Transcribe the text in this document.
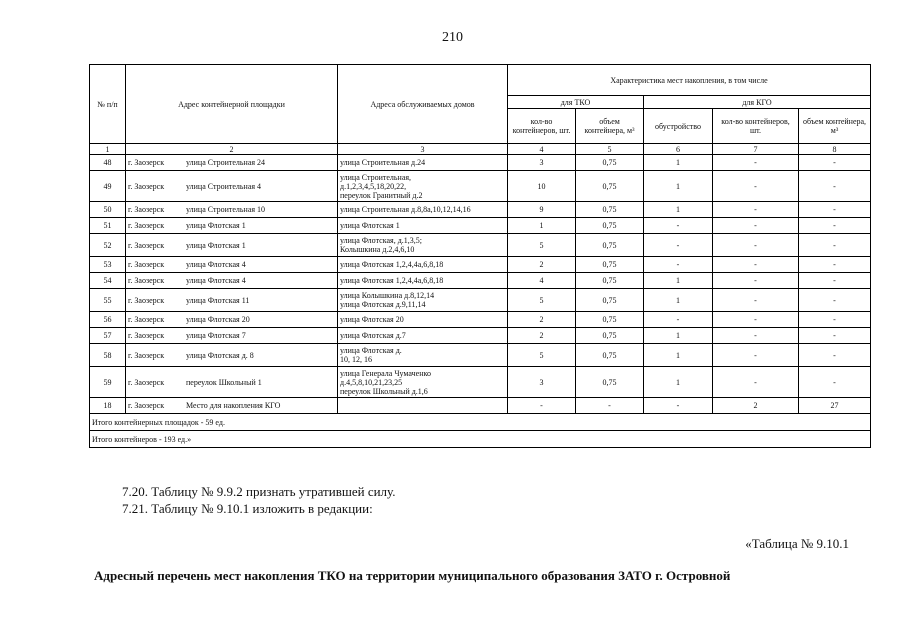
210
№ п/п	Адрес контейнерной площадки	Адреса обслуживаемых домов	Характеристика мест накопления, в том числе				
			для ТКО		для КГО		
			кол-во контейнеров, шт.	объем контейнера, м³	обустройство	кол-во контейнеров, шт.	объем контейнера, м³
1	2	3	4	5	6	7	8
48	г. Заозерск улица Строительная 24	улица Строительная д.24	3	0,75	1	-	-
49	г. Заозерск улица Строительная 4	улица Строительная,
д.1,2,3,4,5,18,20,22,
переулок Гранитный д.2	10	0,75	1	-	-
50	г. Заозерск улица Строительная 10	улица Строительная д.8,8а,10,12,14,16	9	0,75	1	-	-
51	г. Заозерск улица Флотская 1	улица Флотская 1	1	0,75	-	-	-
52	г. Заозерск улица Флотская 1	улица Флотская, д.1,3,5;
Колышкина д.2,4,6,10	5	0,75	-	-	-
53	г. Заозерск улица Флотская 4	улица Флотская 1,2,4,4а,6,8,18	2	0,75	-	-	-
54	г. Заозерск улица Флотская 4	улица Флотская 1,2,4,4а,6,8,18	4	0,75	1	-	-
55	г. Заозерск улица Флотская 11	улица Колышкина д.8,12,14
улица Флотская д.9,11,14	5	0,75	1	-	-
56	г. Заозерск улица Флотская 20	улица Флотская 20	2	0,75	-	-	-
57	г. Заозерск улица Флотская 7	улица Флотская д.7	2	0,75	1	-	-
58	г. Заозерск улица Флотская д. 8	улица Флотская д.
10, 12, 16	5	0,75	1	-	-
59	г. Заозерск переулок Школьный 1	улица Генерала Чумаченко
д.4,5,8,10,21,23,25
переулок Школьный д.1,6	3	0,75	1	-	-
18	г. Заозерск Место для накопления КГО		-	-	-	2	27
Итого контейнерных площадок - 59 ед.							
Итого контейнеров - 193 ед.»							
7.20. Таблицу № 9.9.2 признать утратившей силу.
7.21. Таблицу № 9.10.1 изложить в редакции:
«Таблица № 9.10.1
Адресный перечень мест накопления ТКО на территории муниципального образования ЗАТО г. Островной
